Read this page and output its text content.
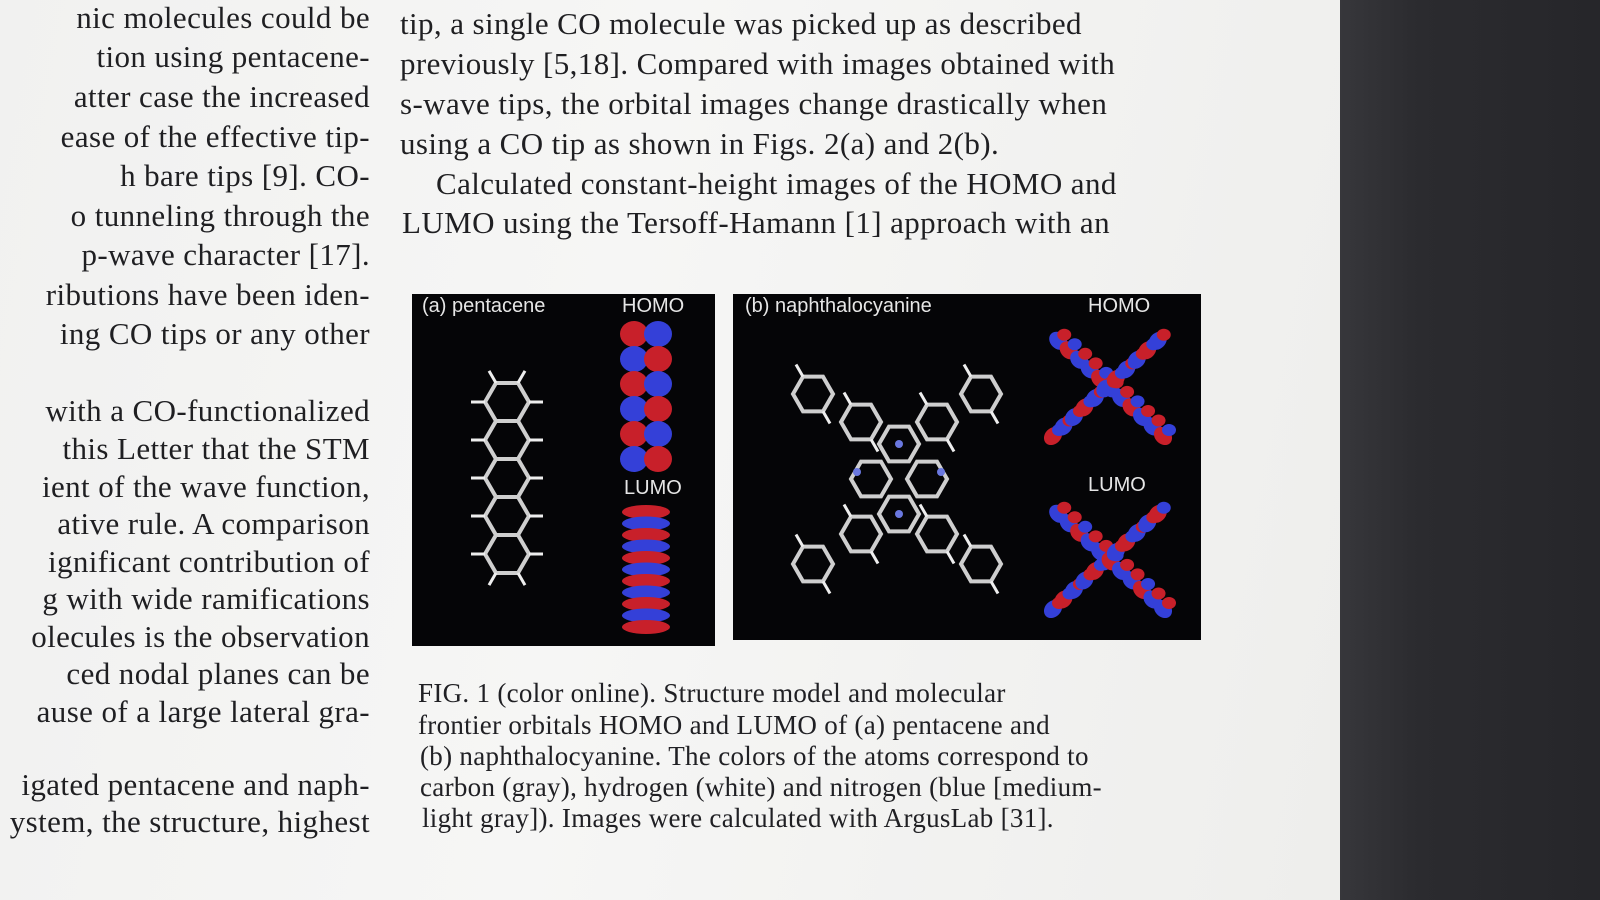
nic molecules could be
tion using pentacene-
atter case the increased
ease of the effective tip-
h bare tips [9]. CO-
o tunneling through the
p-wave character [17].
ributions have been iden-
ing CO tips or any other
with a CO-functionalized
this Letter that the STM
ient of the wave function,
ative rule. A comparison
ignificant contribution of
g with wide ramifications
olecules is the observation
ced nodal planes can be
ause of a large lateral gra-
igated pentacene and naph-
ystem, the structure, highest
tip, a single CO molecule was picked up as described
previously [5,18]. Compared with images obtained with
s-wave tips, the orbital images change drastically when
using a CO tip as shown in Figs. 2(a) and 2(b).
Calculated constant-height images of the HOMO and
LUMO using the Tersoff-Hamann [1] approach with an
(a) pentacene	HOMO
LUMO
(b) naphthalocyanine	HOMO
LUMO
FIG. 1 (color online). Structure model and molecular
frontier orbitals HOMO and LUMO of (a) pentacene and
(b) naphthalocyanine. The colors of the atoms correspond to
carbon (gray), hydrogen (white) and nitrogen (blue [medium-
light gray]). Images were calculated with ArgusLab [31].
